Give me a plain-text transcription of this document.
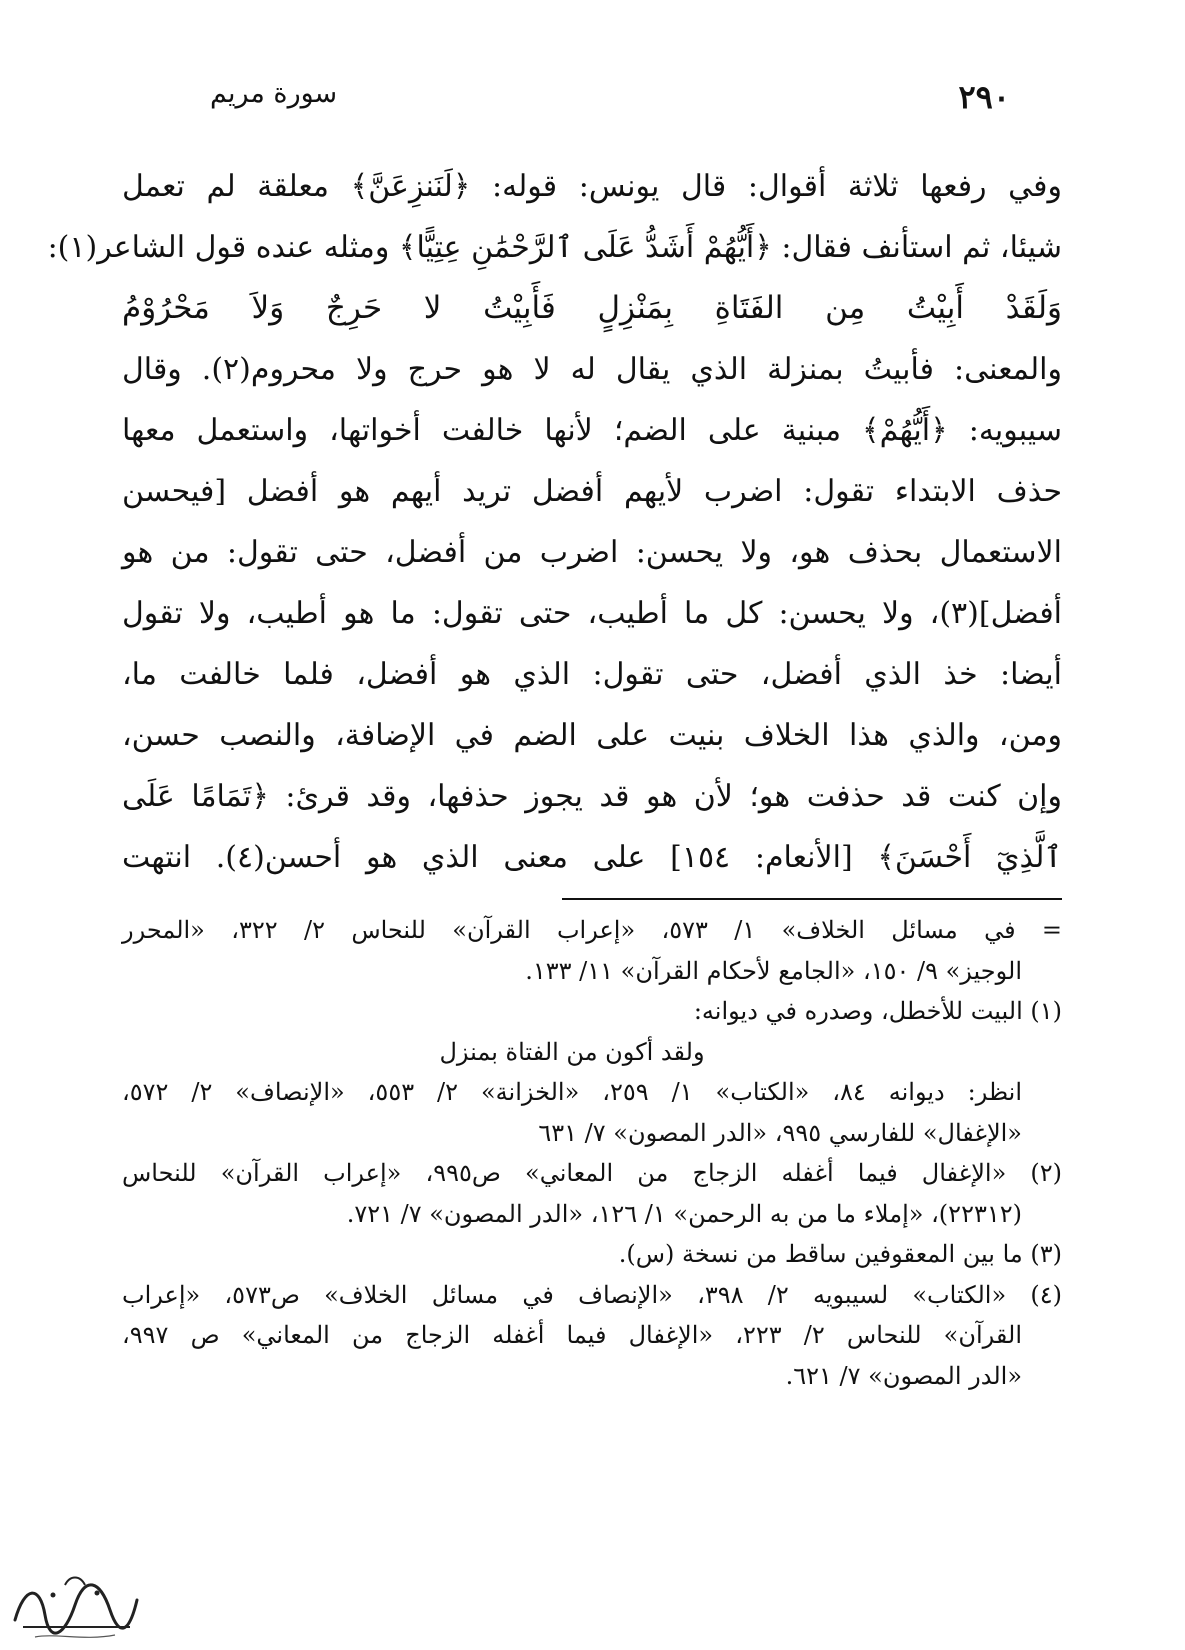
٢٩٠
سورة مريم
وفي رفعها ثلاثة أقوال: قال يونس: قوله: ﴿لَنَنزِعَنَّ﴾ معلقة لم تعمل
شيئا، ثم استأنف فقال: ﴿أَيُّهُمْ أَشَدُّ عَلَى ٱلرَّحْمَٰنِ عِتِيًّا﴾ ومثله عنده قول الشاعر(١):
وَلَقَدْ أَبِيْتُ مِن الفَتَاةِ بِمَنْزِلٍ فَأَبِيْتُ لا حَرِجٌ وَلاَ مَحْرُوْمُ
والمعنى: فأبيتُ بمنزلة الذي يقال له لا هو حرج ولا محروم(٢). وقال
سيبويه: ﴿أَيُّهُمْ﴾ مبنية على الضم؛ لأنها خالفت أخواتها، واستعمل معها
حذف الابتداء تقول: اضرب لأيهم أفضل تريد أيهم هو أفضل [فيحسن
الاستعمال بحذف هو، ولا يحسن: اضرب من أفضل، حتى تقول: من هو
أفضل](٣)، ولا يحسن: كل ما أطيب، حتى تقول: ما هو أطيب، ولا تقول
أيضا: خذ الذي أفضل، حتى تقول: الذي هو أفضل، فلما خالفت ما،
ومن، والذي هذا الخلاف بنيت على الضم في الإضافة، والنصب حسن،
وإن كنت قد حذفت هو؛ لأن هو قد يجوز حذفها، وقد قرئ: ﴿تَمَامًا عَلَى
ٱلَّذِيٓ أَحْسَنَ﴾ [الأنعام: ١٥٤] على معنى الذي هو أحسن(٤). انتهت
= في مسائل الخلاف» ١/ ٥٧٣، «إعراب القرآن» للنحاس ٢/ ٣٢٢، «المحرر
الوجيز» ٩/ ١٥٠، «الجامع لأحكام القرآن» ١١/ ١٣٣.
(١) البيت للأخطل، وصدره في ديوانه:
ولقد أكون من الفتاة بمنزل
انظر: ديوانه ٨٤، «الكتاب» ١/ ٢٥٩، «الخزانة» ٢/ ٥٥٣، «الإنصاف» ٢/ ٥٧٢،
«الإغفال» للفارسي ٩٩٥، «الدر المصون» ٧/ ٦٣١
(٢) «الإغفال فيما أغفله الزجاج من المعاني» ص٩٩٥، «إعراب القرآن» للنحاس
(٢٢٣١٢)، «إملاء ما من به الرحمن» ١/ ١٢٦، «الدر المصون» ٧/ ٧٢١.
(٣) ما بين المعقوفين ساقط من نسخة (س).
(٤) «الكتاب» لسيبويه ٢/ ٣٩٨، «الإنصاف في مسائل الخلاف» ص٥٧٣، «إعراب
القرآن» للنحاس ٢/ ٢٢٣، «الإغفال فيما أغفله الزجاج من المعاني» ص ٩٩٧،
«الدر المصون» ٧/ ٦٢١.
